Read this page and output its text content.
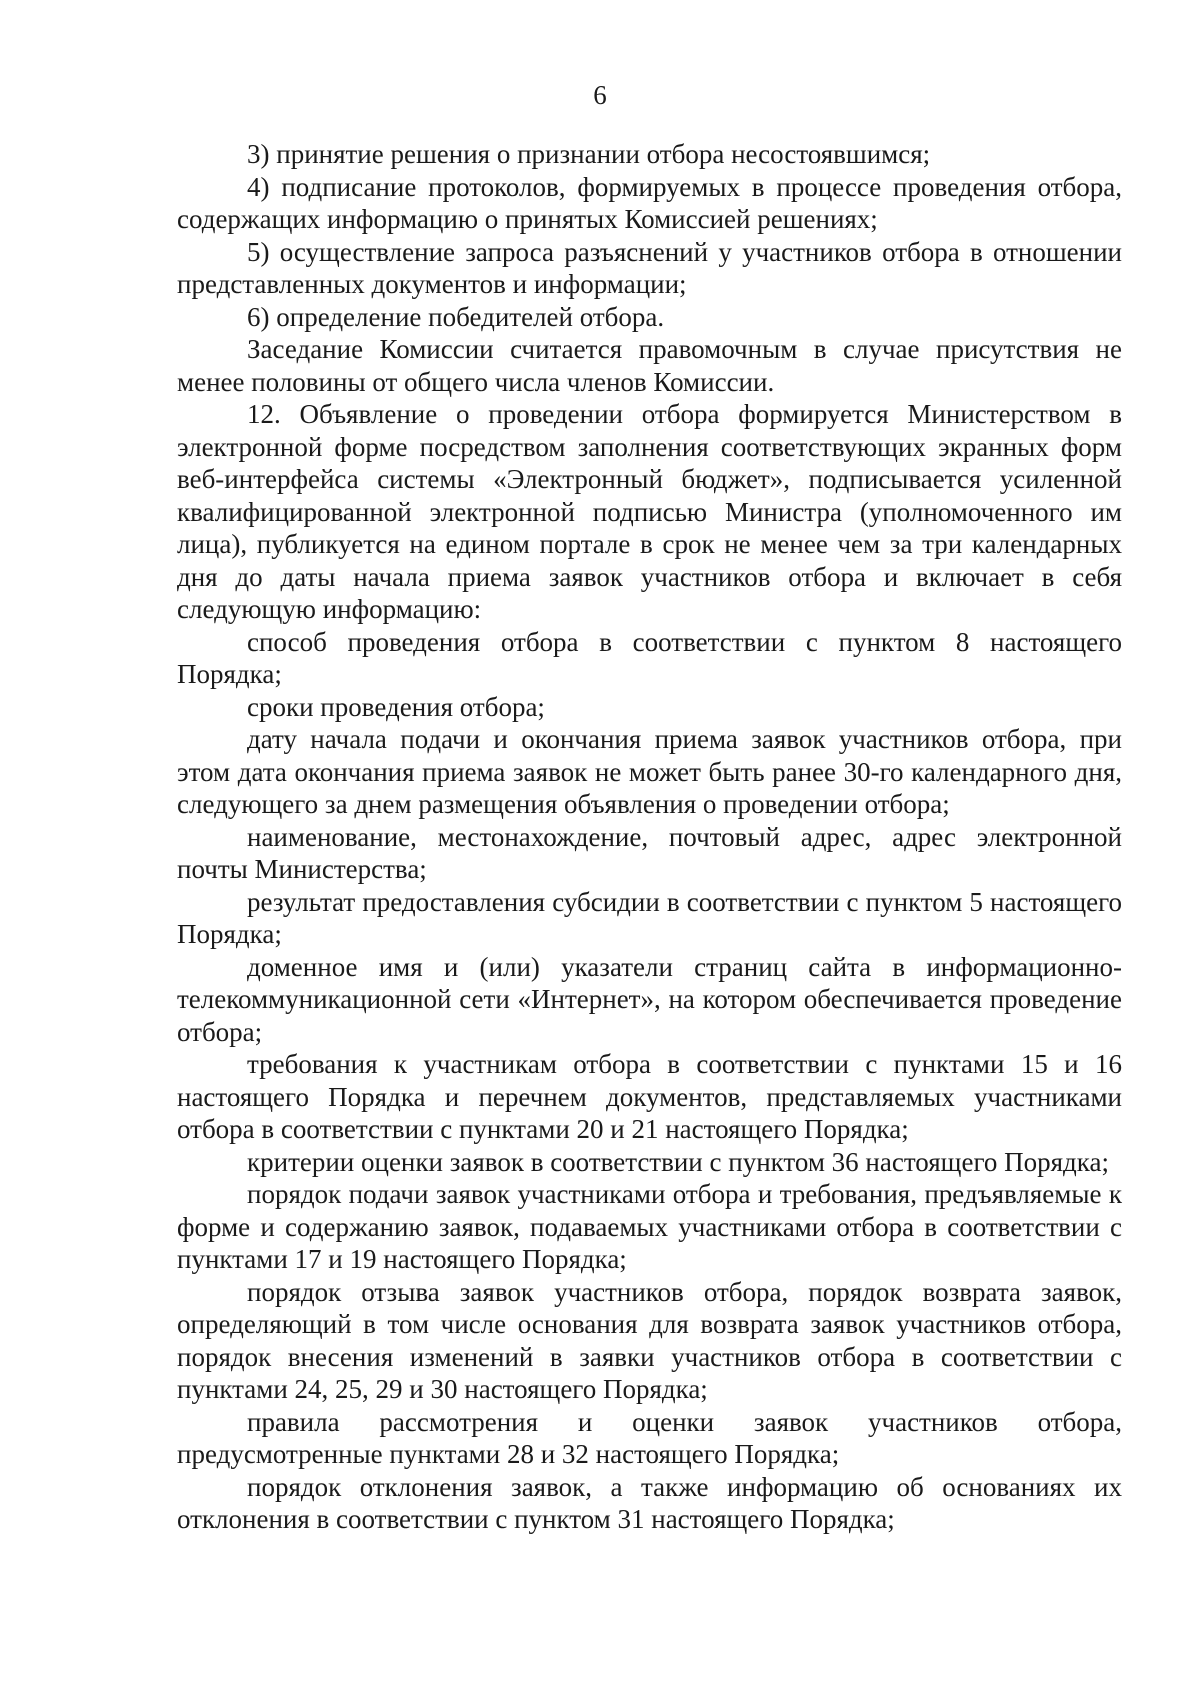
6

3) принятие решения о признании отбора несостоявшимся;

4) подписание протоколов, формируемых в процессе проведения отбора, содержащих информацию о принятых Комиссией решениях;

5) осуществление запроса разъяснений у участников отбора в отношении представленных документов и информации;

6) определение победителей отбора.

Заседание Комиссии считается правомочным в случае присутствия не менее половины от общего числа членов Комиссии.

12. Объявление о проведении отбора формируется Министерством в электронной форме посредством заполнения соответствующих экранных форм веб-интерфейса системы «Электронный бюджет», подписывается усиленной квалифицированной электронной подписью Министра (уполномоченного им лица), публикуется на едином портале в срок не менее чем за три календарных дня до даты начала приема заявок участников отбора и включает в себя следующую информацию:

способ проведения отбора в соответствии с пунктом 8 настоящего Порядка;

сроки проведения отбора;

дату начала подачи и окончания приема заявок участников отбора, при этом дата окончания приема заявок не может быть ранее 30-го календарного дня, следующего за днем размещения объявления о проведении отбора;

наименование, местонахождение, почтовый адрес, адрес электронной почты Министерства;

результат предоставления субсидии в соответствии с пунктом 5 настоящего Порядка;

доменное имя и (или) указатели страниц сайта в информационно-телекоммуникационной сети «Интернет», на котором обеспечивается проведение отбора;

требования к участникам отбора в соответствии с пунктами 15 и 16 настоящего Порядка и перечнем документов, представляемых участниками отбора в соответствии с пунктами 20 и 21 настоящего Порядка;

критерии оценки заявок в соответствии с пунктом 36 настоящего Порядка;

порядок подачи заявок участниками отбора и требования, предъявляемые к форме и содержанию заявок, подаваемых участниками отбора в соответствии с пунктами 17 и 19 настоящего Порядка;

порядок отзыва заявок участников отбора, порядок возврата заявок, определяющий в том числе основания для возврата заявок участников отбора, порядок внесения изменений в заявки участников отбора в соответствии с пунктами 24, 25, 29 и 30 настоящего Порядка;

правила рассмотрения и оценки заявок участников отбора, предусмотренные пунктами 28 и 32 настоящего Порядка;

порядок отклонения заявок, а также информацию об основаниях их отклонения в соответствии с пунктом 31 настоящего Порядка;
